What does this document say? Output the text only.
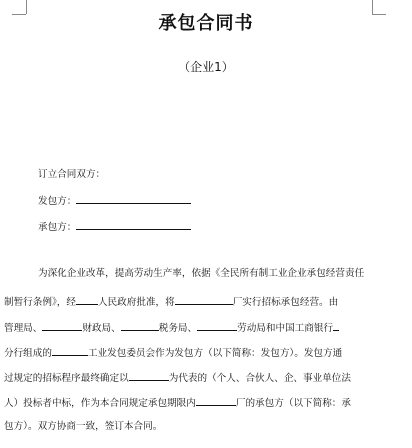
承包合同书
（企业1）
订立合同双方：
发包方：
承包方：
为深化企业改革，提高劳动生产率，依据《全民所有制工业企业承包经营责任
制暂行条例》，经 人民政府批准，将	厂实行招标承包经营。由
管理局、	财政局、	税务局、	劳动局和中国工商银行
分行组成的	工业发包委员会作为发包方（以下简称：发包方）。发包方通
过规定的招标程序最终确定以	为代表的（个人、合伙人、企、事业单位法
人）投标者中标，作为本合同规定承包期限内	厂的承包方（以下简称：承
包方）。双方协商一致，签订本合同。
